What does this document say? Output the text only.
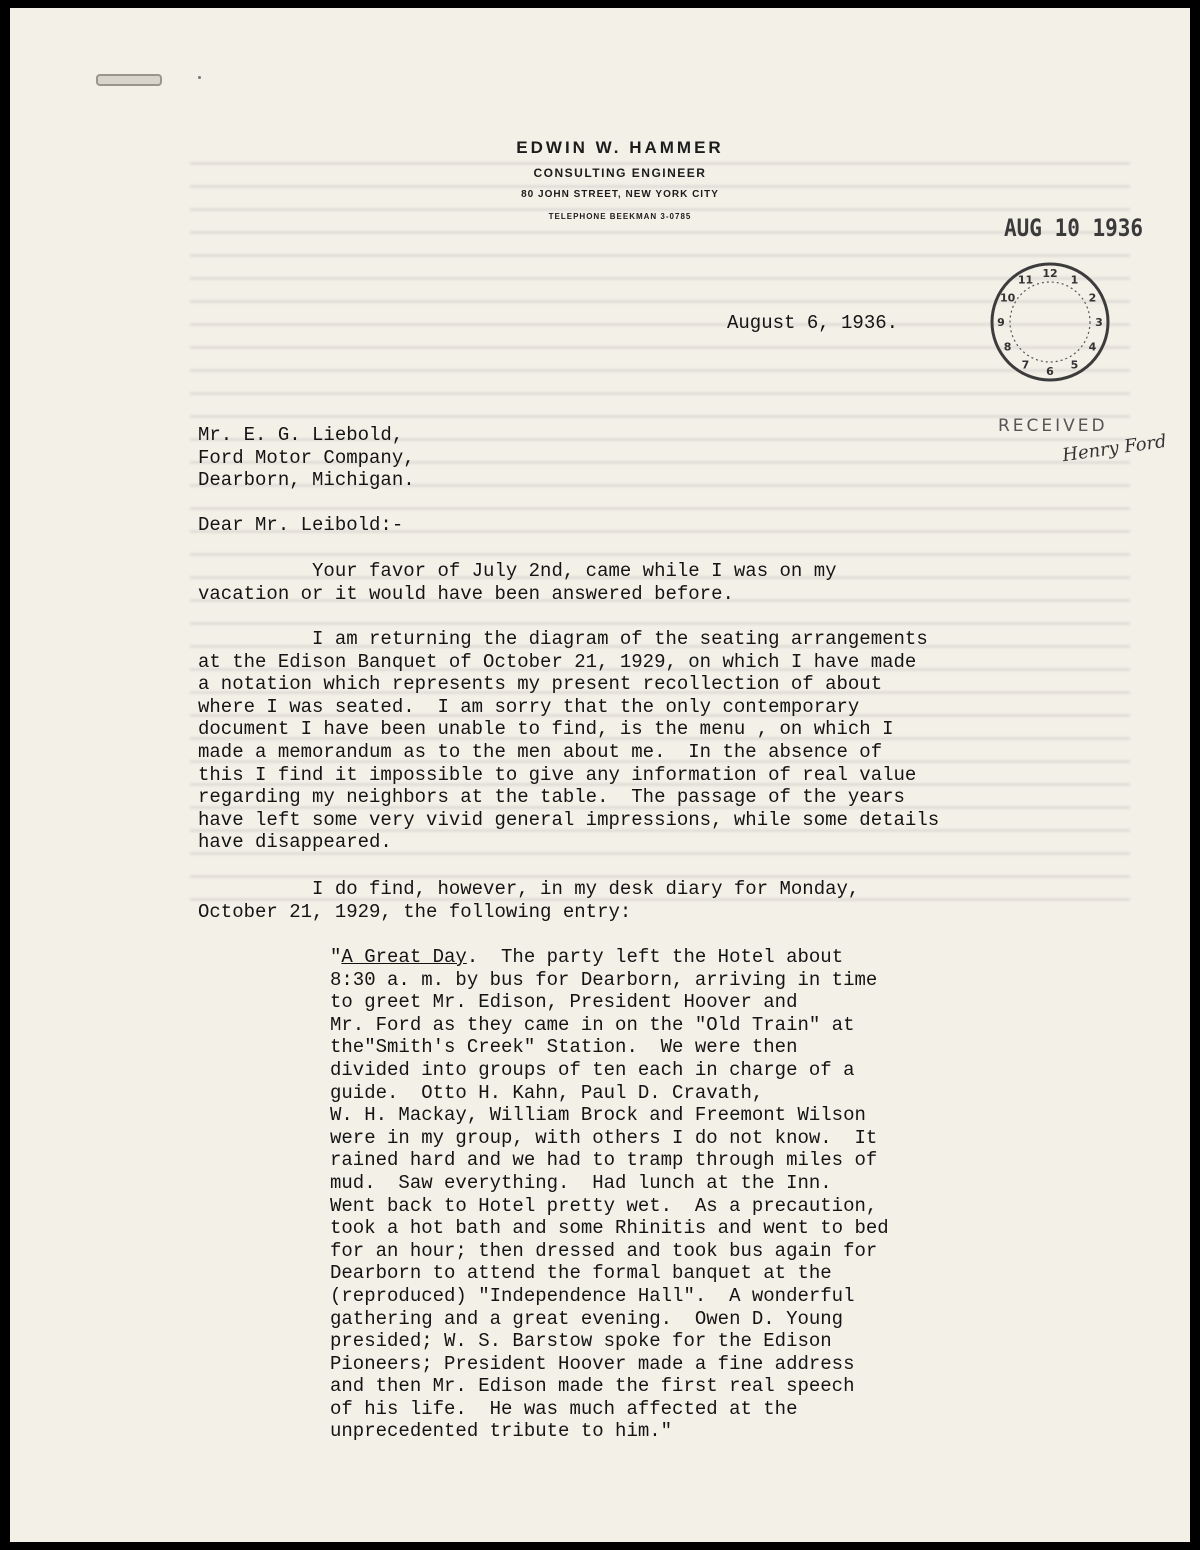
EDWIN W. HAMMER
CONSULTING ENGINEER
80 JOHN STREET, NEW YORK CITY
TELEPHONE BEEKMAN 3-0785	AUG 10 1936
12
1
2
3
4
5
6
7
8
9
10
11
RECEIVED
Henry Ford
August 6, 1936.
Mr. E. G. Liebold,
Ford Motor Company,
Dearborn, Michigan.
Dear Mr. Leibold:-
Your favor of July 2nd, came while I was on my
vacation or it would have been answered before.
I am returning the diagram of the seating arrangements
at the Edison Banquet of October 21, 1929, on which I have made
a notation which represents my present recollection of about
where I was seated.  I am sorry that the only contemporary
document I have been unable to find, is the menu , on which I
made a memorandum as to the men about me.  In the absence of
this I find it impossible to give any information of real value
regarding my neighbors at the table.  The passage of the years
have left some very vivid general impressions, while some details
have disappeared.
I do find, however, in my desk diary for Monday,
October 21, 1929, the following entry:
"A Great Day.  The party left the Hotel about
8:30 a. m. by bus for Dearborn, arriving in time
to greet Mr. Edison, President Hoover and
Mr. Ford as they came in on the "Old Train" at
the"Smith's Creek" Station.  We were then
divided into groups of ten each in charge of a
guide.  Otto H. Kahn, Paul D. Cravath,
W. H. Mackay, William Brock and Freemont Wilson
were in my group, with others I do not know.  It
rained hard and we had to tramp through miles of
mud.  Saw everything.  Had lunch at the Inn.
Went back to Hotel pretty wet.  As a precaution,
took a hot bath and some Rhinitis and went to bed
for an hour; then dressed and took bus again for
Dearborn to attend the formal banquet at the
(reproduced) "Independence Hall".  A wonderful
gathering and a great evening.  Owen D. Young
presided; W. S. Barstow spoke for the Edison
Pioneers; President Hoover made a fine address
and then Mr. Edison made the first real speech
of his life.  He was much affected at the
unprecedented tribute to him."
